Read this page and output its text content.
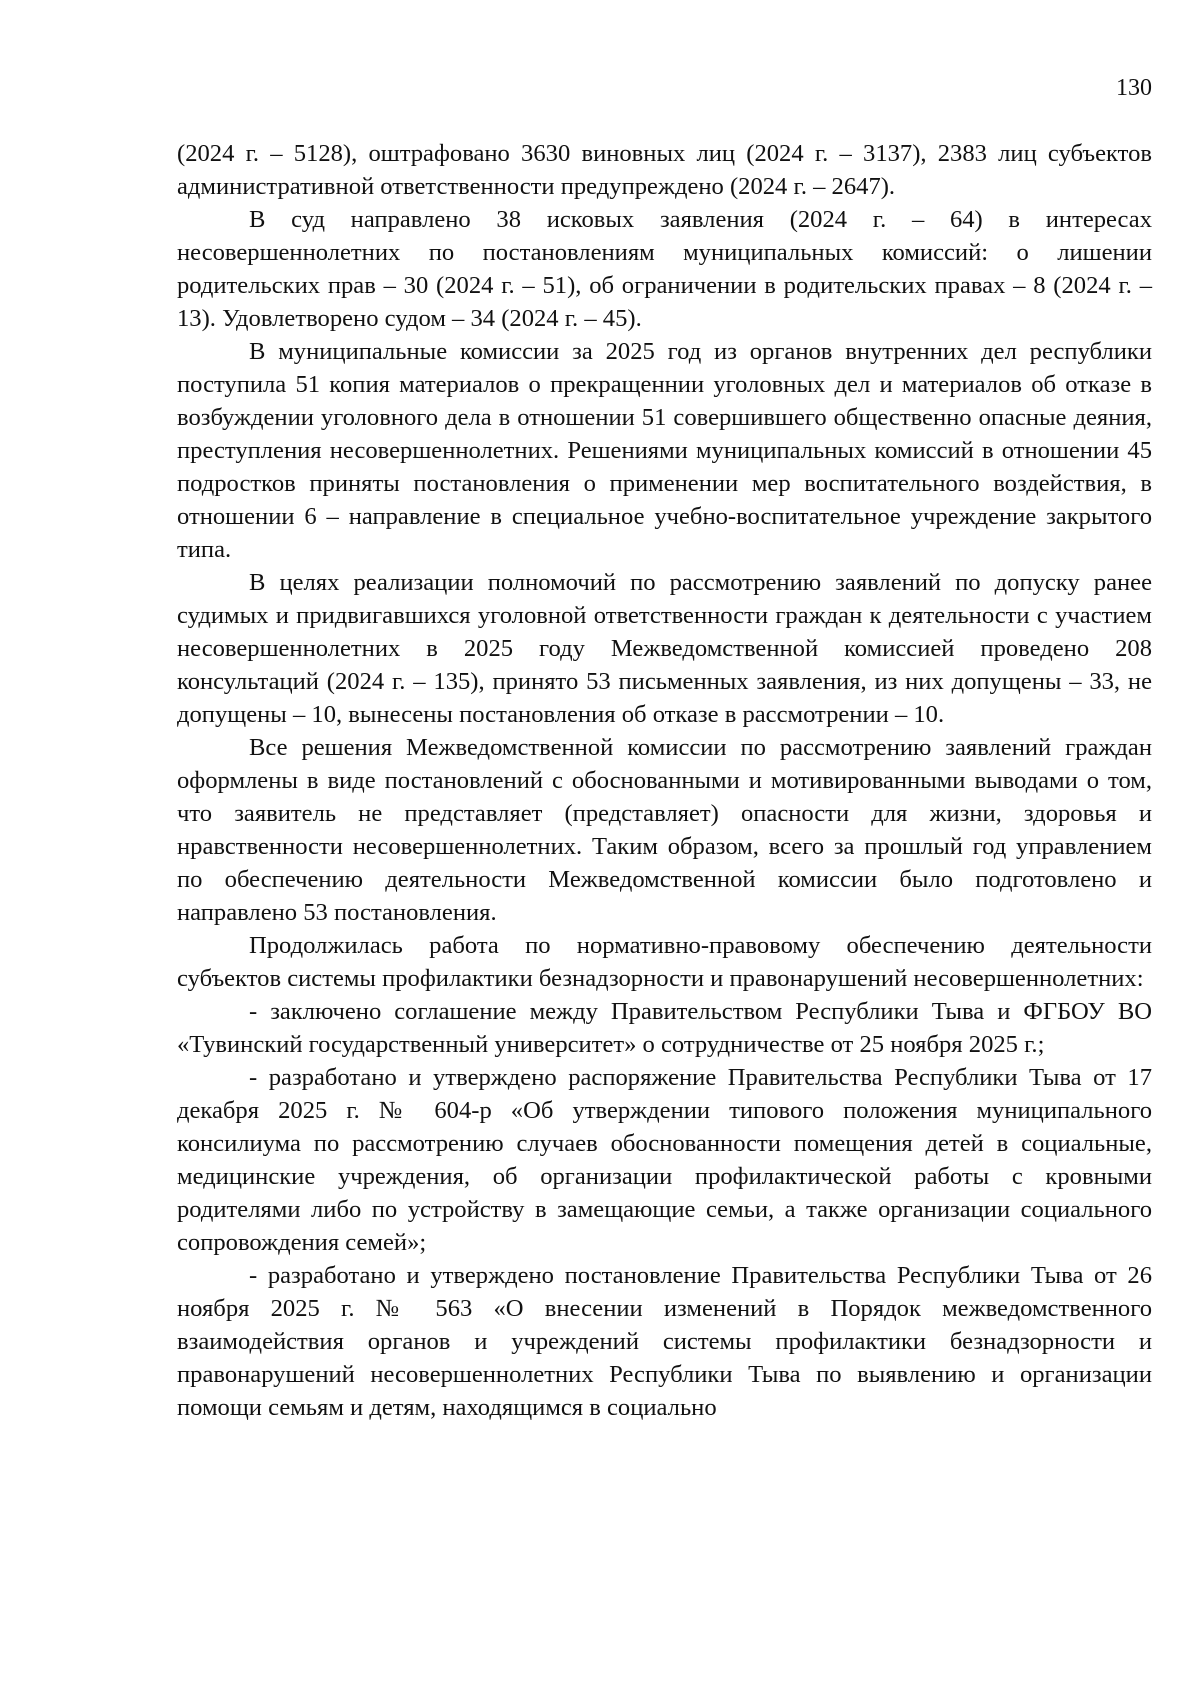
130

(2024 г. – 5128), оштрафовано 3630 виновных лиц (2024 г. – 3137), 2383 лиц субъектов административной ответственности предупреждено (2024 г. – 2647).

В суд направлено 38 исковых заявления (2024 г. – 64) в интересах несовершеннолетних по постановлениям муниципальных комиссий: о лишении родительских прав – 30 (2024 г. – 51), об ограничении в родительских правах – 8 (2024 г. – 13). Удовлетворено судом – 34 (2024 г. – 45).

В муниципальные комиссии за 2025 год из органов внутренних дел республики поступила 51 копия материалов о прекращеннии уголовных дел и материалов об отказе в возбуждении уголовного дела в отношении 51 совершившего общественно опасные деяния, преступления несовершеннолетних. Решениями муниципальных комиссий в отношении 45 подростков приняты постановления о применении мер воспитательного воздействия, в отношении 6 – направление в специальное учебно-воспитательное учреждение закрытого типа.

В целях реализации полномочий по рассмотрению заявлений по допуску ранее судимых и придвигавшихся уголовной ответственности граждан к деятельности с участием несовершеннолетних в 2025 году Межведомственной комиссией проведено 208 консультаций (2024 г. – 135), принято 53 письменных заявления, из них допущены – 33, не допущены – 10, вынесены постановления об отказе в рассмотрении – 10.

Все решения Межведомственной комиссии по рассмотрению заявлений граждан оформлены в виде постановлений с обоснованными и мотивированными выводами о том, что заявитель не представляет (представляет) опасности для жизни, здоровья и нравственности несовершеннолетних. Таким образом, всего за прошлый год управлением по обеспечению деятельности Межведомственной комиссии было подготовлено и направлено 53 постановления.

Продолжилась работа по нормативно-правовому обеспечению деятельности субъектов системы профилактики безнадзорности и правонарушений несовершеннолетних:

- заключено соглашение между Правительством Республики Тыва и ФГБОУ ВО «Тувинский государственный университет» о сотрудничестве от 25 ноября 2025 г.;

- разработано и утверждено распоряжение Правительства Республики Тыва от 17 декабря 2025 г. № 604-р «Об утверждении типового положения муниципального консилиума по рассмотрению случаев обоснованности помещения детей в социальные, медицинские учреждения, об организации профилактической работы с кровными родителями либо по устройству в замещающие семьи, а также организации социального сопровождения семей»;

- разработано и утверждено постановление Правительства Республики Тыва от 26 ноября 2025 г. № 563 «О внесении изменений в Порядок межведомственного взаимодействия органов и учреждений системы профилактики безнадзорности и правонарушений несовершеннолетних Республики Тыва по выявлению и организации помощи семьям и детям, находящимся в социально
